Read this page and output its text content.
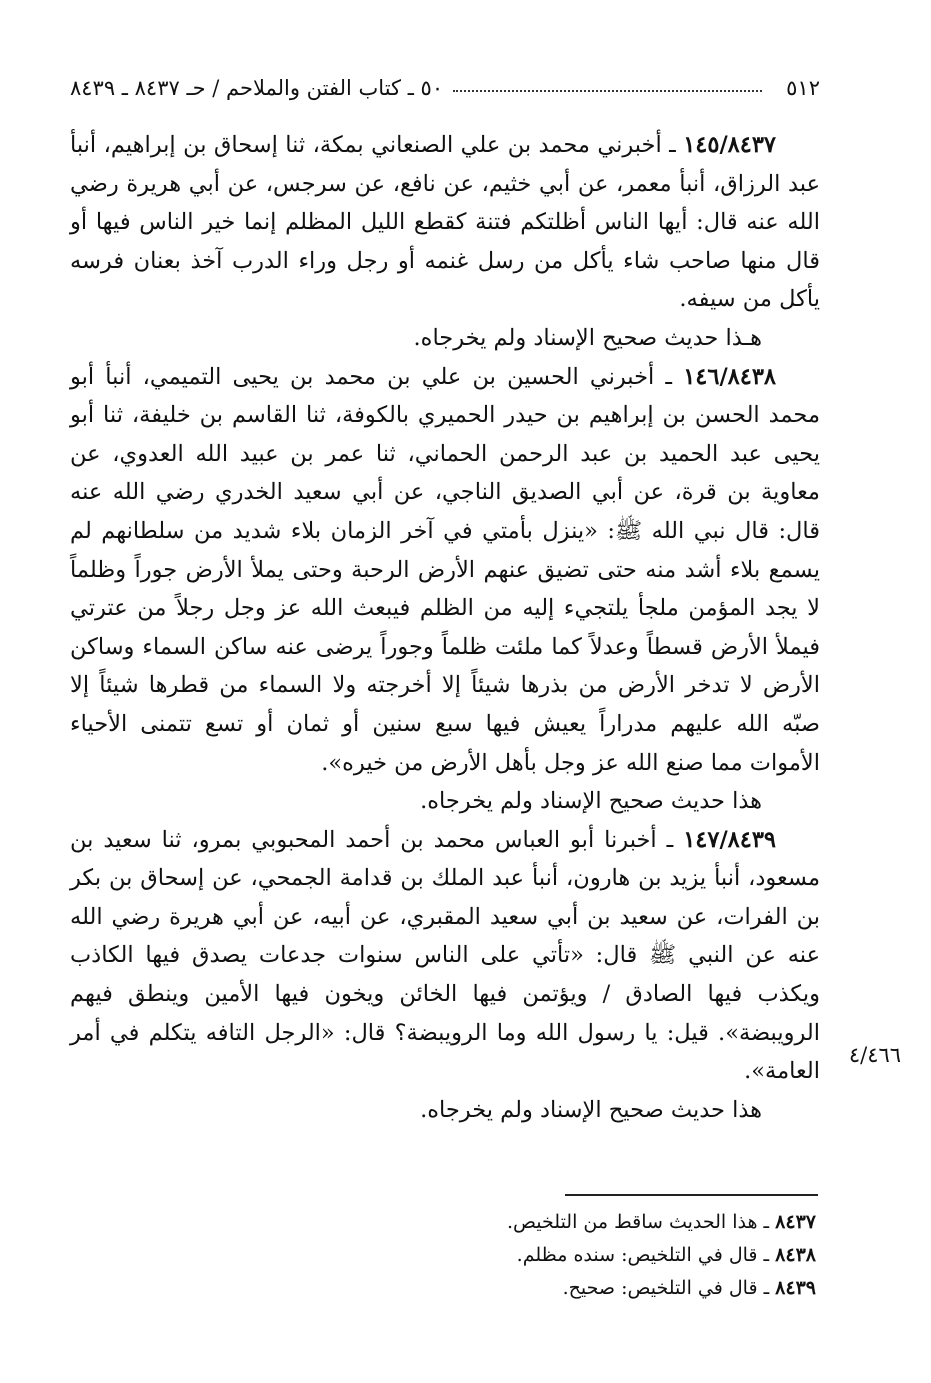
٥١٢
٥٠ ـ كتاب الفتن والملاحم / حـ ٨٤٣٧ ـ ٨٤٣٩

١٤٥/٨٤٣٧ ـ أخبرني محمد بن علي الصنعاني بمكة، ثنا إسحاق بن إبراهيم، أنبأ عبد الرزاق، أنبأ معمر، عن أبي خثيم، عن نافع، عن سرجس، عن أبي هريرة رضي الله عنه قال: أيها الناس أظلتكم فتنة كقطع الليل المظلم إنما خير الناس فيها أو قال منها صاحب شاء يأكل من رسل غنمه أو رجل وراء الدرب آخذ بعنان فرسه يأكل من سيفه.

هـذا حديث صحيح الإسناد ولم يخرجاه.

١٤٦/٨٤٣٨ ـ أخبرني الحسين بن علي بن محمد بن يحيى التميمي، أنبأ أبو محمد الحسن بن إبراهيم بن حيدر الحميري بالكوفة، ثنا القاسم بن خليفة، ثنا أبو يحيى عبد الحميد بن عبد الرحمن الحماني، ثنا عمر بن عبيد الله العدوي، عن معاوية بن قرة، عن أبي الصديق الناجي، عن أبي سعيد الخدري رضي الله عنه قال: قال نبي الله ﷺ: «ينزل بأمتي في آخر الزمان بلاء شديد من سلطانهم لم يسمع بلاء أشد منه حتى تضيق عنهم الأرض الرحبة وحتى يملأ الأرض جوراً وظلماً لا يجد المؤمن ملجأ يلتجيء إليه من الظلم فيبعث الله عز وجل رجلاً من عترتي فيملأ الأرض قسطاً وعدلاً كما ملئت ظلماً وجوراً يرضى عنه ساكن السماء وساكن الأرض لا تدخر الأرض من بذرها شيئاً إلا أخرجته ولا السماء من قطرها شيئاً إلا صبّه الله عليهم مدراراً يعيش فيها سبع سنين أو ثمان أو تسع تتمنى الأحياء الأموات مما صنع الله عز وجل بأهل الأرض من خيره».

هذا حديث صحيح الإسناد ولم يخرجاه.

١٤٧/٨٤٣٩ ـ أخبرنا أبو العباس محمد بن أحمد المحبوبي بمرو، ثنا سعيد بن مسعود، أنبأ يزيد بن هارون، أنبأ عبد الملك بن قدامة الجمحي، عن إسحاق بن بكر بن الفرات، عن سعيد بن أبي سعيد المقبري، عن أبيه، عن أبي هريرة رضي الله عنه عن النبي ﷺ قال: «تأتي على الناس سنوات جدعات يصدق فيها الكاذب ويكذب فيها الصادق / ويؤتمن فيها الخائن ويخون فيها الأمين وينطق فيهم الرويبضة». قيل: يا رسول الله وما الرويبضة؟ قال: «الرجل التافه يتكلم في أمر العامة».

هذا حديث صحيح الإسناد ولم يخرجاه.

٤/٤٦٦
٨٤٣٧ ـ هذا الحديث ساقط من التلخيص.
٨٤٣٨ ـ قال في التلخيص: سنده مظلم.
٨٤٣٩ ـ قال في التلخيص: صحيح.
